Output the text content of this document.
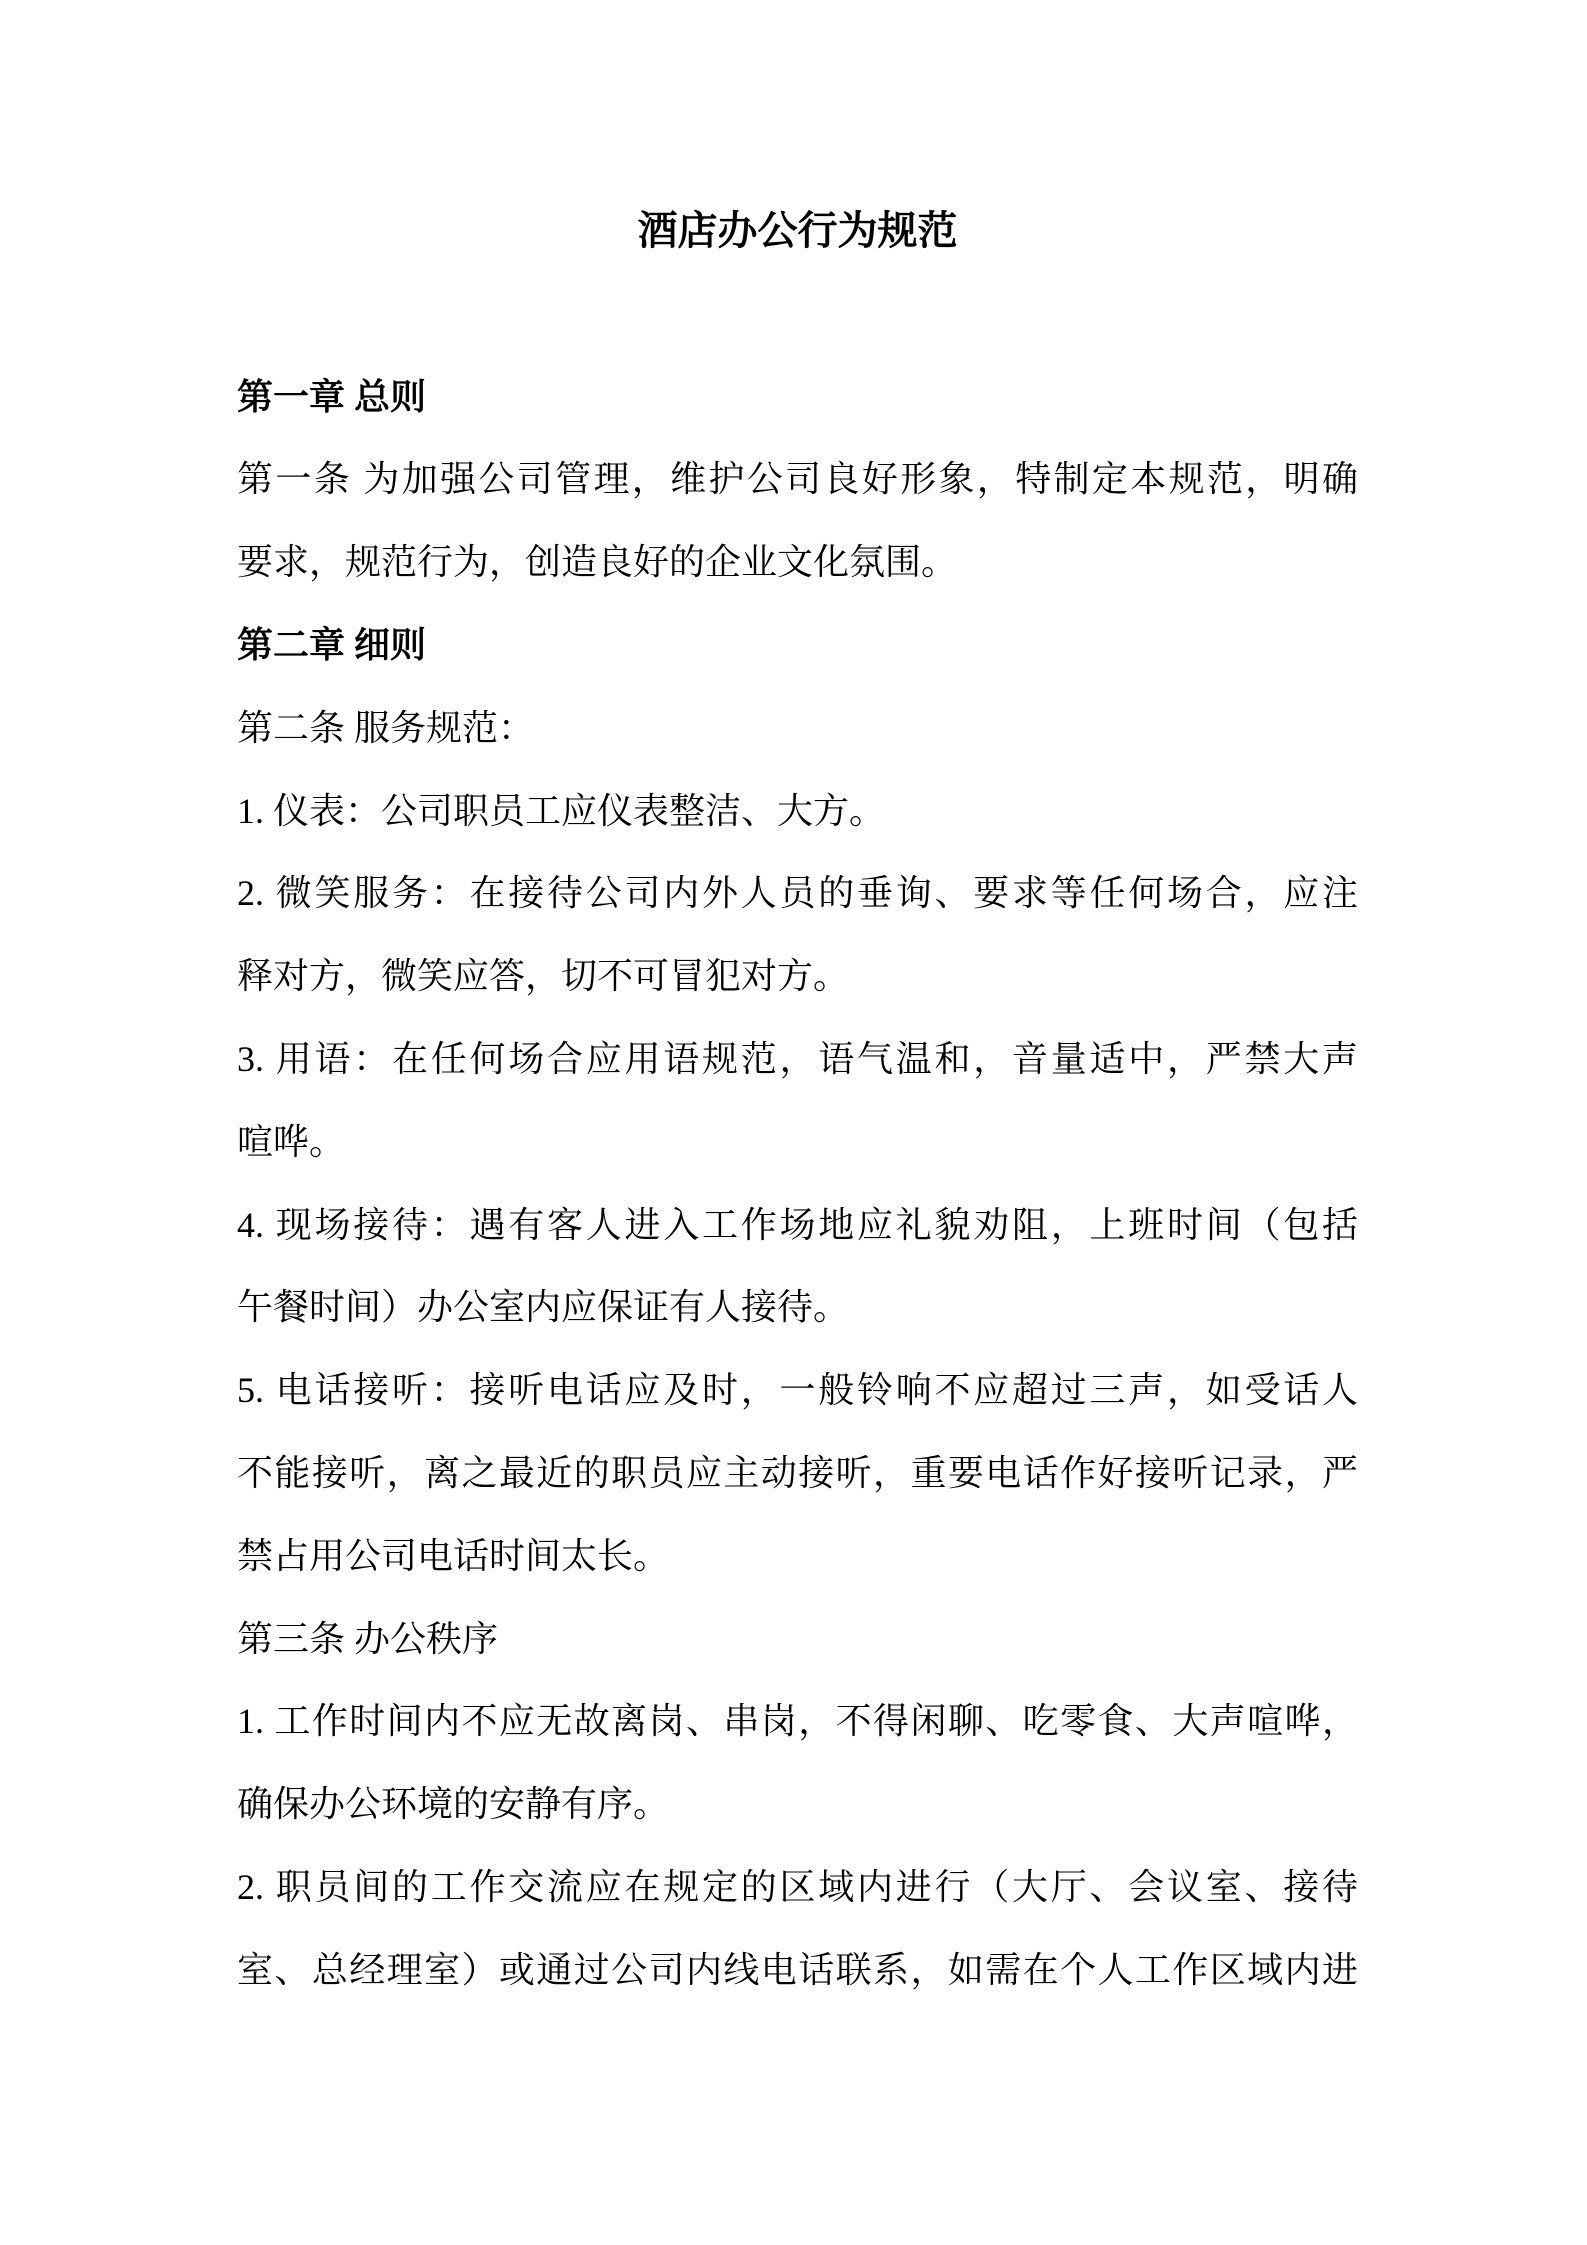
酒店办公行为规范
第一章 总则
第一条 为加强公司管理，维护公司良好形象，特制定本规范，明确
要求，规范行为，创造良好的企业文化氛围。
第二章 细则
第二条 服务规范：
1. 仪表：公司职员工应仪表整洁、大方。
2. 微笑服务：在接待公司内外人员的垂询、要求等任何场合，应注
释对方，微笑应答，切不可冒犯对方。
3. 用语：在任何场合应用语规范，语气温和，音量适中，严禁大声
喧哗。
4. 现场接待：遇有客人进入工作场地应礼貌劝阻，上班时间（包括
午餐时间）办公室内应保证有人接待。
5. 电话接听：接听电话应及时，一般铃响不应超过三声，如受话人
不能接听，离之最近的职员应主动接听，重要电话作好接听记录，严
禁占用公司电话时间太长。
第三条 办公秩序
1. 工作时间内不应无故离岗、串岗，不得闲聊、吃零食、大声喧哗，
确保办公环境的安静有序。
2. 职员间的工作交流应在规定的区域内进行（大厅、会议室、接待
室、总经理室）或通过公司内线电话联系，如需在个人工作区域内进
